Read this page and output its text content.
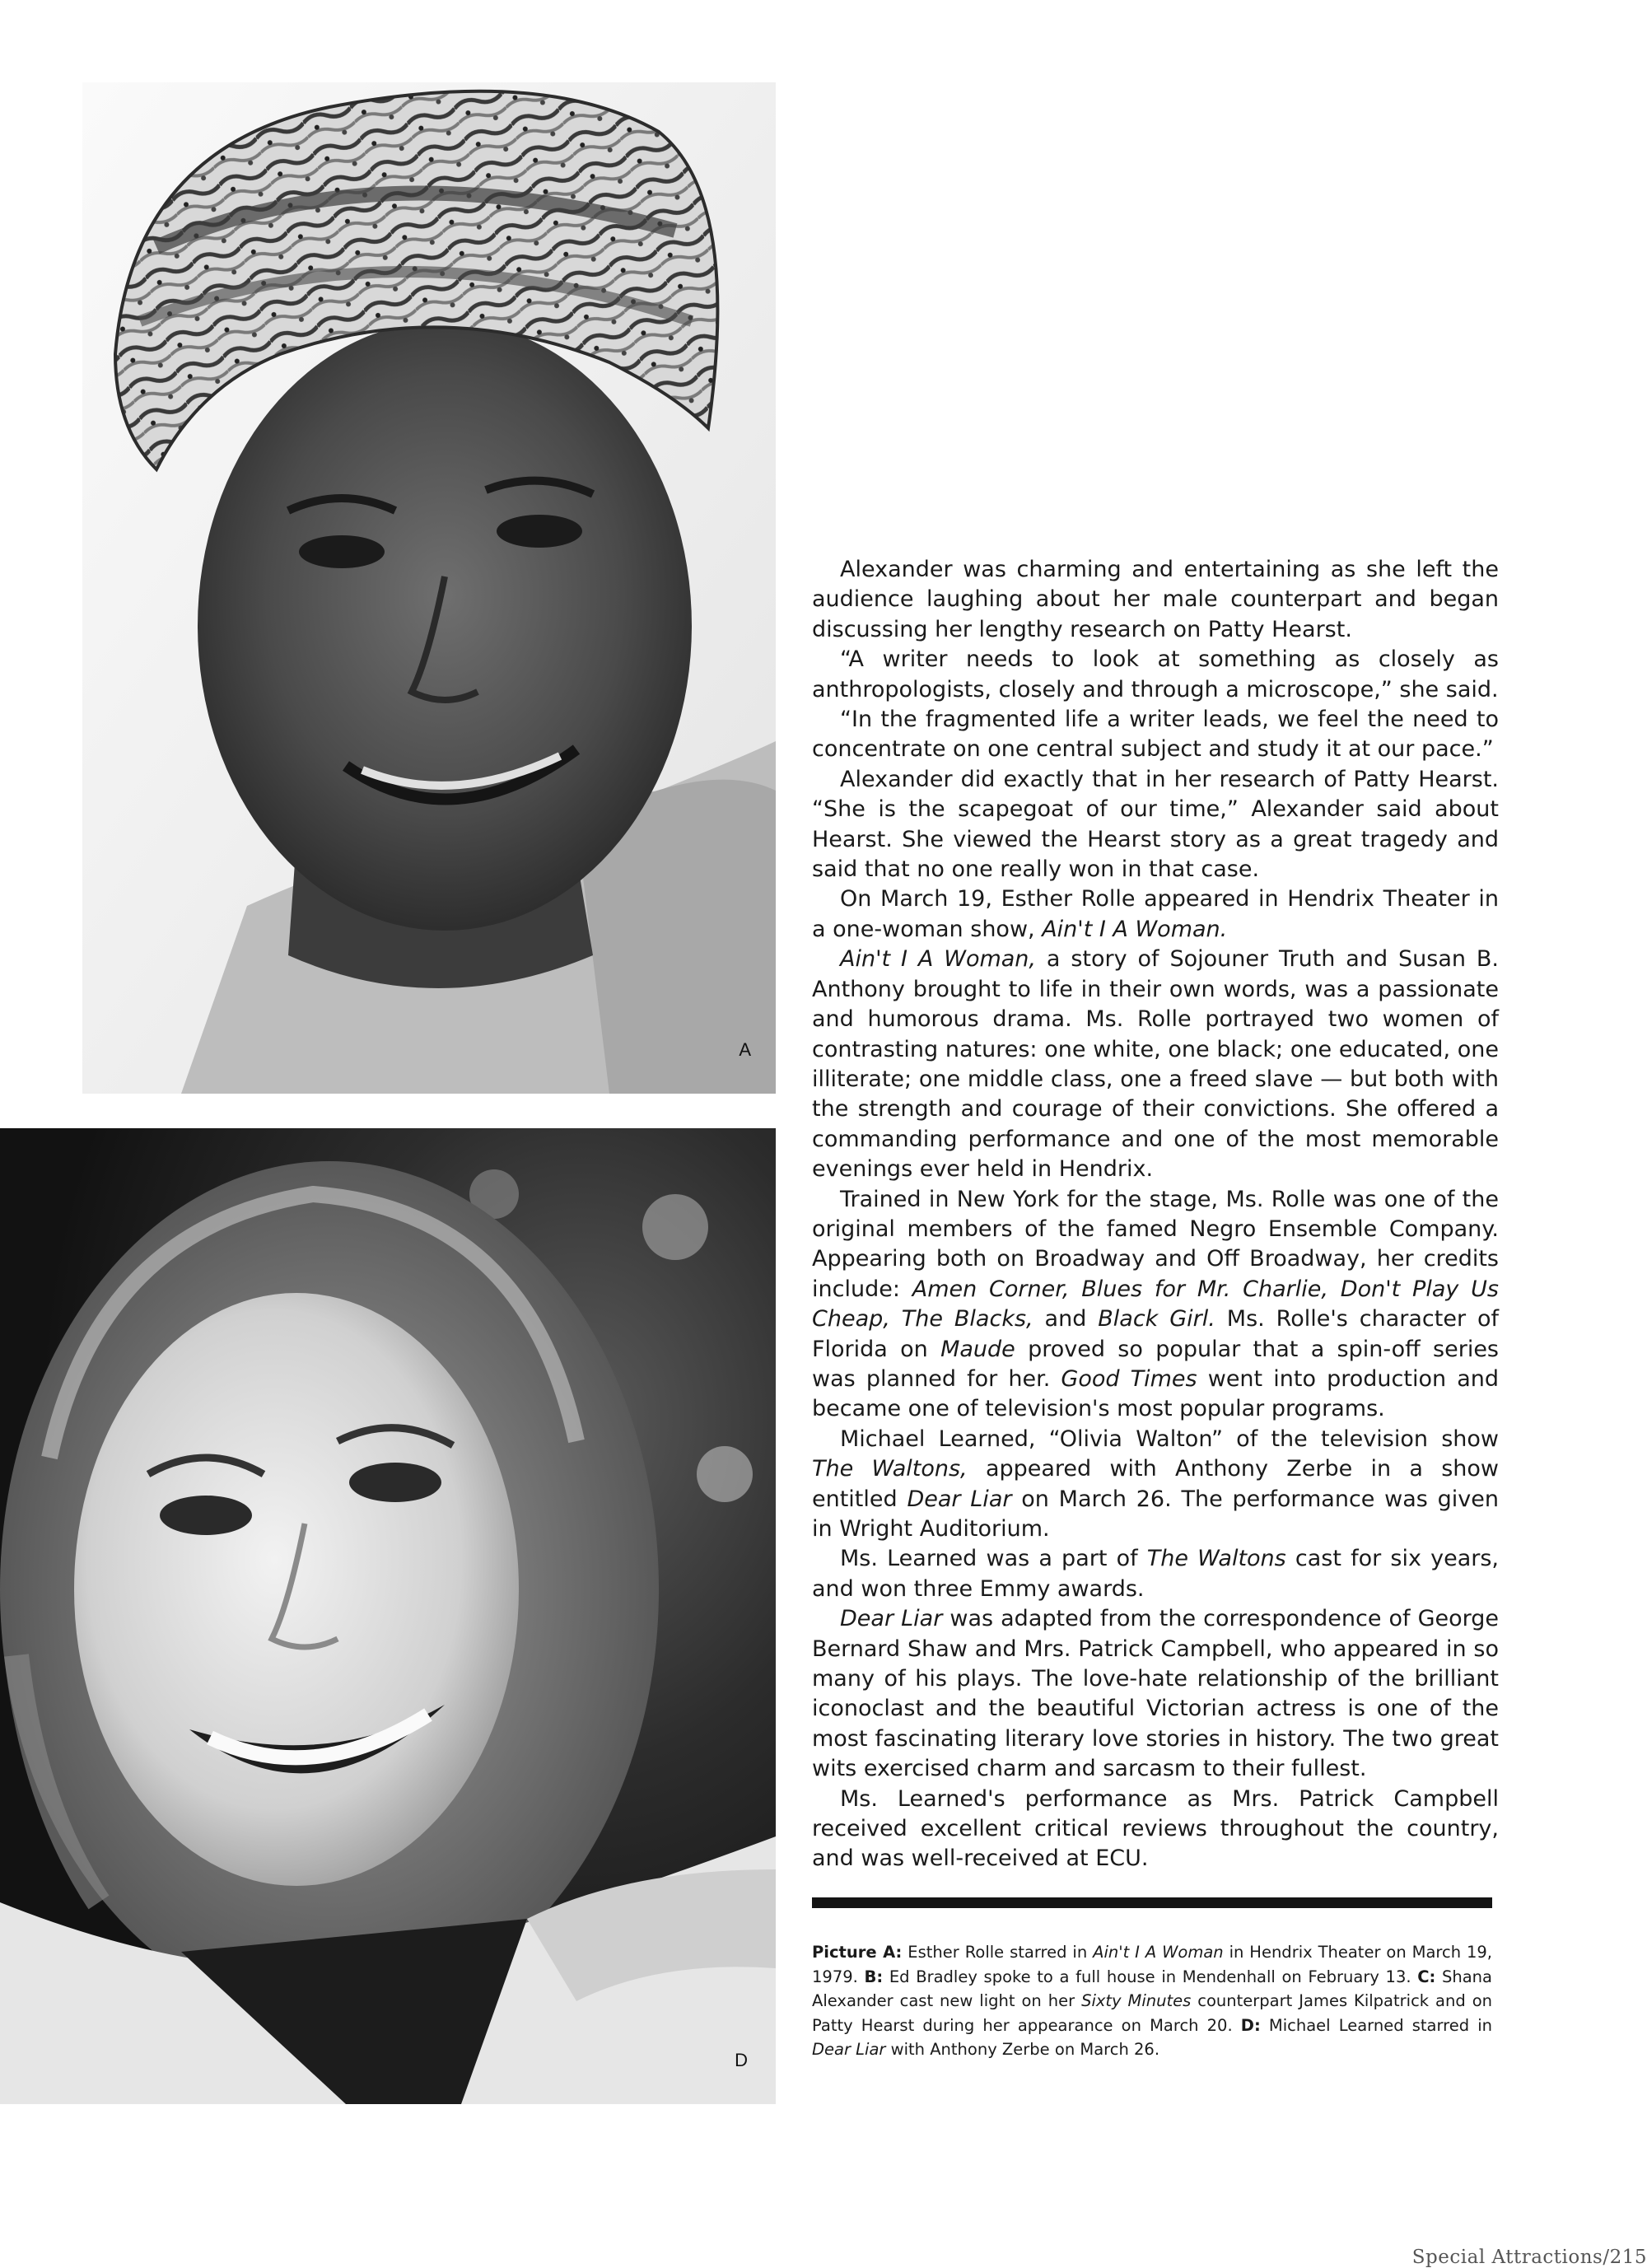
A
D

Alexander was charming and entertaining as she left the audience laughing about her male counterpart and began discussing her lengthy research on Patty Hearst.

“A writer needs to look at something as closely as anthropologists, closely and through a microscope,” she said.

“In the fragmented life a writer leads, we feel the need to concentrate on one central subject and study it at our pace.”

Alexander did exactly that in her research of Patty Hearst. “She is the scapegoat of our time,” Alexander said about Hearst. She viewed the Hearst story as a great tragedy and said that no one really won in that case.

On March 19, Esther Rolle appeared in Hendrix Theater in a one-woman show, Ain't I A Woman.

Ain't I A Woman, a story of Sojouner Truth and Susan B. Anthony brought to life in their own words, was a passionate and humorous drama. Ms. Rolle portrayed two women of contrasting natures: one white, one black; one educated, one illiterate; one middle class, one a freed slave — but both with the strength and courage of their convictions. She offered a commanding performance and one of the most memorable evenings ever held in Hendrix.

Trained in New York for the stage, Ms. Rolle was one of the original members of the famed Negro Ensemble Company. Appearing both on Broadway and Off Broadway, her credits include: Amen Corner, Blues for Mr. Charlie, Don't Play Us Cheap, The Blacks, and Black Girl. Ms. Rolle's character of Florida on Maude proved so popular that a spin-off series was planned for her. Good Times went into production and became one of television's most popular programs.

Michael Learned, “Olivia Walton” of the television show The Waltons, appeared with Anthony Zerbe in a show entitled Dear Liar on March 26. The performance was given in Wright Auditorium.

Ms. Learned was a part of The Waltons cast for six years, and won three Emmy awards.

Dear Liar was adapted from the correspondence of George Bernard Shaw and Mrs. Patrick Campbell, who appeared in so many of his plays. The love-hate relationship of the brilliant iconoclast and the beautiful Victorian actress is one of the most fascinating literary love stories in history. The two great wits exercised charm and sarcasm to their fullest.

Ms. Learned's performance as Mrs. Patrick Campbell received excellent critical reviews throughout the country, and was well-received at ECU.

Picture A: Esther Rolle starred in Ain't I A Woman in Hendrix Theater on March 19, 1979. B: Ed Bradley spoke to a full house in Mendenhall on February 13. C: Shana Alexander cast new light on her Sixty Minutes counterpart James Kilpatrick and on Patty Hearst during her appearance on March 20. D: Michael Learned starred in Dear Liar with Anthony Zerbe on March 26.
Special Attractions/215
